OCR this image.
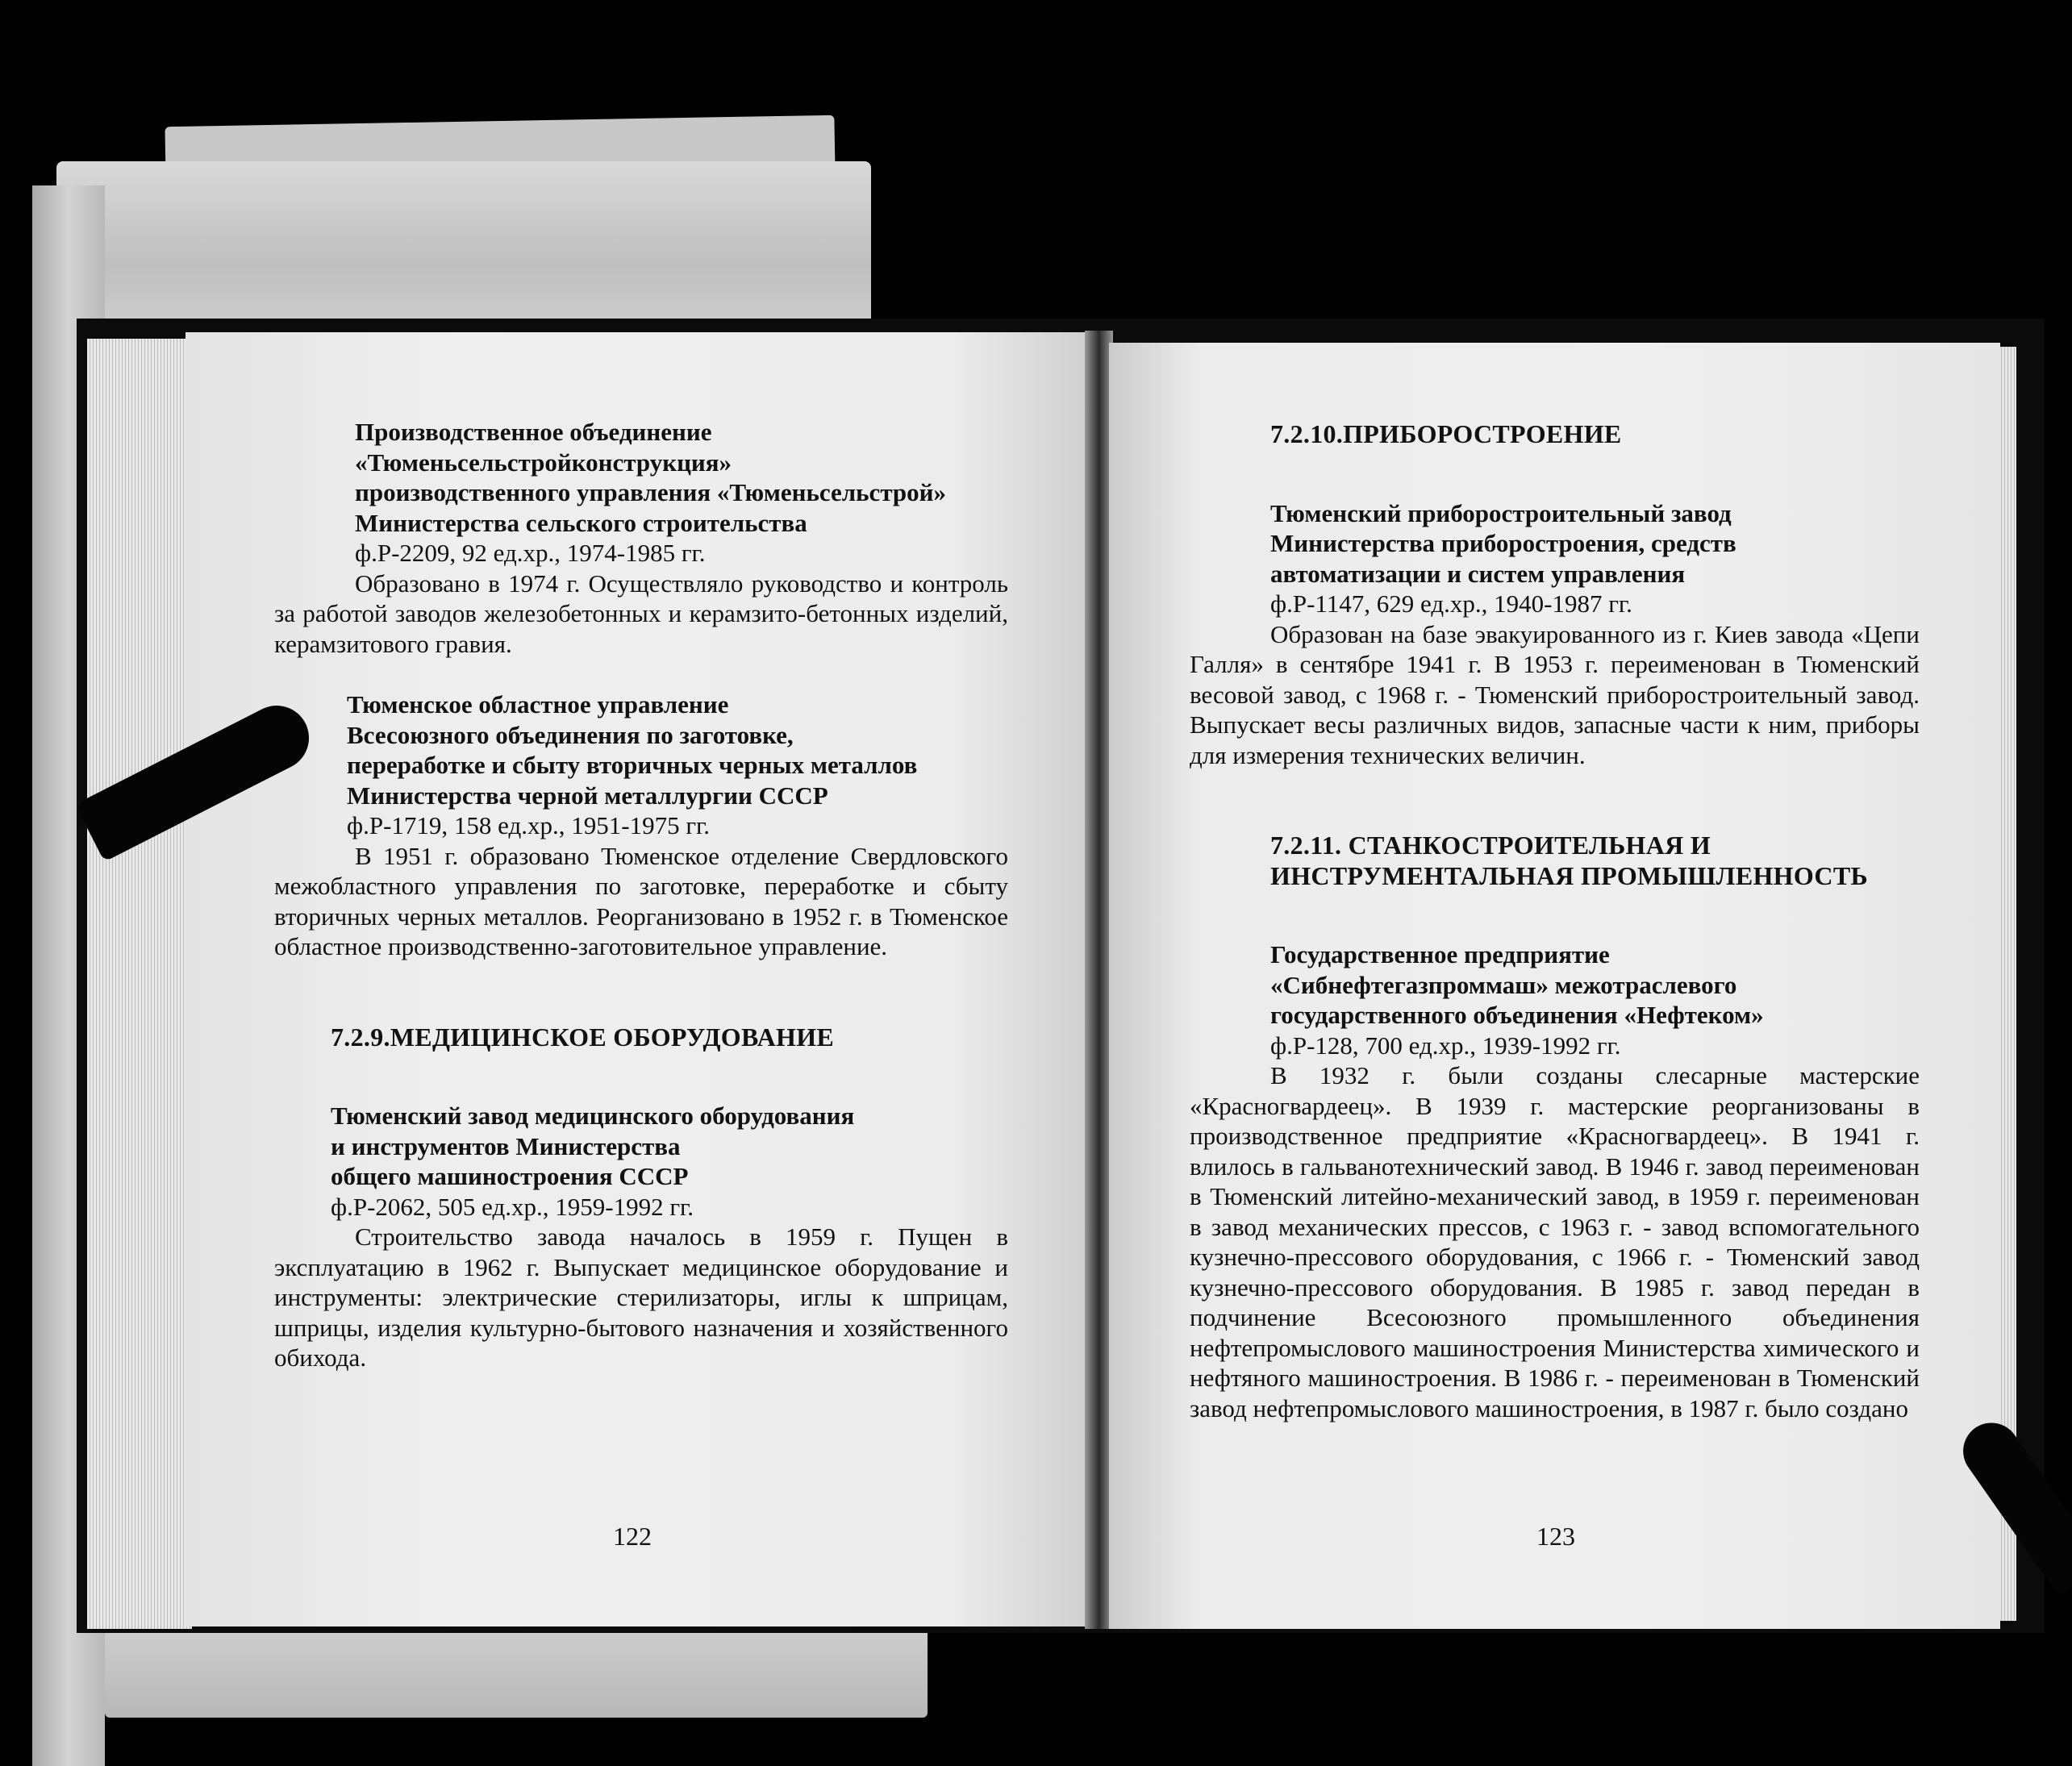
Производственное объединение
«Тюменьсельстройконструкция»
производственного управления «Тюменьсельстрой»
Министерства сельского строительства
ф.Р-2209, 92 ед.хр., 1974-1985 гг.
Образовано в 1974 г. Осуществляло руководство и контроль за работой заводов железобетонных и керамзито-бетонных изделий, керамзитового гравия.
Тюменское областное управление
Всесоюзного объединения по заготовке,
переработке и сбыту вторичных черных металлов
Министерства черной металлургии СССР
ф.Р-1719, 158 ед.хр., 1951-1975 гг.
В 1951 г. образовано Тюменское отделение Свердловского межобластного управления по заготовке, переработке и сбыту вторичных черных металлов. Реорганизовано в 1952 г. в Тюменское областное производственно-заготовительное управление.
7.2.9.МЕДИЦИНСКОЕ ОБОРУДОВАНИЕ
Тюменский завод медицинского оборудования
и инструментов Министерства
общего машиностроения СССР
ф.Р-2062, 505 ед.хр., 1959-1992 гг.
Строительство завода началось в 1959 г. Пущен в эксплуатацию в 1962 г. Выпускает медицинское оборудование и инструменты: электрические стерилизаторы, иглы к шприцам, шприцы, изделия культурно-бытового назначения и хозяйственного обихода.
122
7.2.10.ПРИБОРОСТРОЕНИЕ
Тюменский приборостроительный завод
Министерства приборостроения, средств
автоматизации и систем управления
ф.Р-1147, 629 ед.хр., 1940-1987 гг.
Образован на базе эвакуированного из г. Киев завода «Цепи Галля» в сентябре 1941 г. В 1953 г. переименован в Тюменский весовой завод, с 1968 г. - Тюменский приборостроительный завод. Выпускает весы различных видов, запасные части к ним, приборы для измерения технических величин.
7.2.11. СТАНКОСТРОИТЕЛЬНАЯ И
ИНСТРУМЕНТАЛЬНАЯ ПРОМЫШЛЕННОСТЬ
Государственное предприятие
«Сибнефтегазпроммаш» межотраслевого
государственного объединения «Нефтеком»
ф.Р-128, 700 ед.хр., 1939-1992 гг.
В 1932 г. были созданы слесарные мастерские «Красногвардеец». В 1939 г. мастерские реорганизованы в производственное предприятие «Красногвардеец». В 1941 г. влилось в гальванотехнический завод. В 1946 г. завод переименован в Тюменский литейно-механический завод, в 1959 г. переименован в завод механических прессов, с 1963 г. - завод вспомогательного кузнечно-прессового оборудования, с 1966 г. - Тюменский завод кузнечно-прессового оборудования. В 1985 г. завод передан в подчинение Всесоюзного промышленного объединения нефтепромыслового машиностроения Министерства химического и нефтяного машиностроения. В 1986 г. - переименован в Тюменский завод нефтепромыслового машиностроения, в 1987 г. было создано
123
